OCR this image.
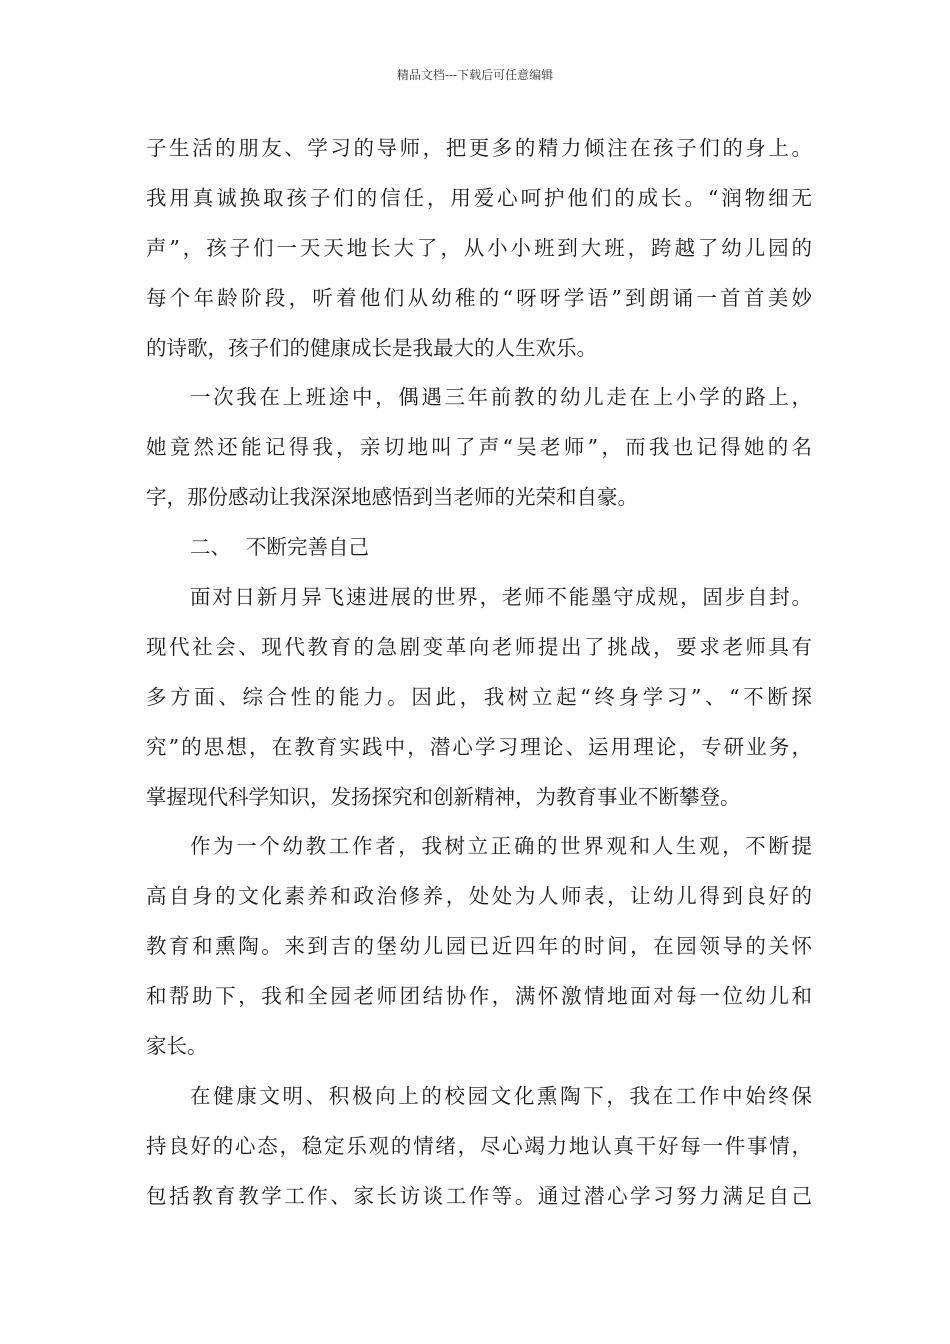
精品文档---下载后可任意编辑
子生活的朋友、学习的导师，把更多的精力倾注在孩子们的身上。
我用真诚换取孩子们的信任，用爱心呵护他们的成长。“润物细无
声”，孩子们一天天地长大了，从小小班到大班，跨越了幼儿园的
每个年龄阶段，听着他们从幼稚的“呀呀学语”到朗诵一首首美妙
的诗歌，孩子们的健康成长是我最大的人生欢乐。
一次我在上班途中，偶遇三年前教的幼儿走在上小学的路上，
她竟然还能记得我，亲切地叫了声“吴老师”，而我也记得她的名
字，那份感动让我深深地感悟到当老师的光荣和自豪。
二、 不断完善自己
面对日新月异飞速进展的世界，老师不能墨守成规，固步自封。
现代社会、现代教育的急剧变革向老师提出了挑战，要求老师具有
多方面、综合性的能力。因此，我树立起“终身学习”、“不断探
究”的思想，在教育实践中，潜心学习理论、运用理论，专研业务，
掌握现代科学知识，发扬探究和创新精神，为教育事业不断攀登。
作为一个幼教工作者，我树立正确的世界观和人生观，不断提
高自身的文化素养和政治修养，处处为人师表，让幼儿得到良好的
教育和熏陶。来到吉的堡幼儿园已近四年的时间，在园领导的关怀
和帮助下，我和全园老师团结协作，满怀激情地面对每一位幼儿和
家长。
在健康文明、积极向上的校园文化熏陶下，我在工作中始终保
持良好的心态，稳定乐观的情绪，尽心竭力地认真干好每一件事情，
包括教育教学工作、家长访谈工作等。通过潜心学习努力满足自己
